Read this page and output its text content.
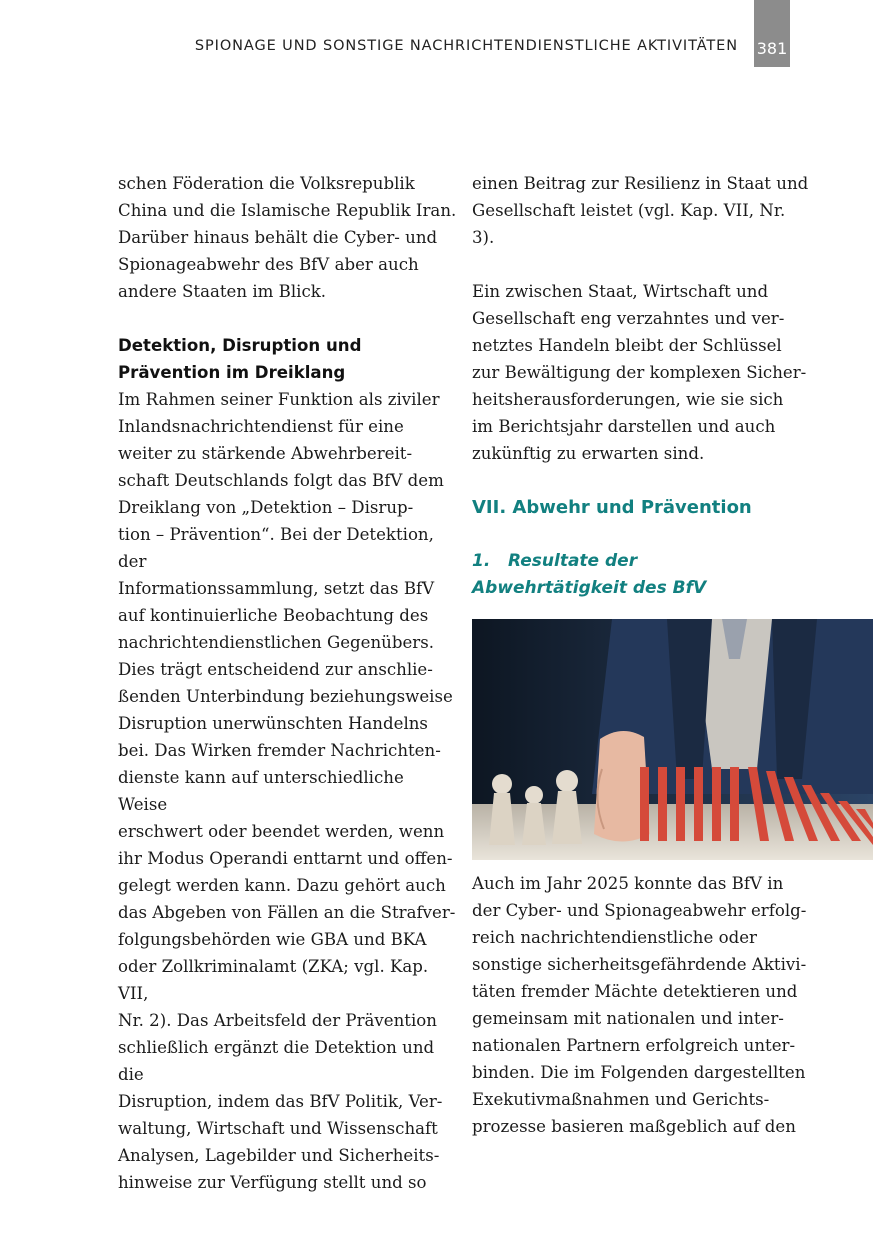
SPIONAGE UND SONSTIGE NACHRICHTENDIENSTLICHE AKTIVITÄTEN 381

schen Föderation die Volksrepublik
China und die Islamische Republik Iran.
Darüber hinaus behält die Cyber- und
Spionageabwehr des BfV aber auch
andere Staaten im Blick.

Detektion, Disruption und
Prävention im Dreiklang

Im Rahmen seiner Funktion als ziviler
Inlandsnachrichtendienst für eine
weiter zu stärkende Abwehrbereit-
schaft Deutschlands folgt das BfV dem
Dreiklang von „Detektion – Disrup-
tion – Prävention“. Bei der Detektion, der
Informationssammlung, setzt das BfV
auf kontinuierliche Beobachtung des
nachrichtendienstlichen Gegenübers.
Dies trägt entscheidend zur anschlie-
ßenden Unterbindung beziehungsweise
Disruption unerwünschten Handelns
bei. Das Wirken fremder Nachrichten-
dienste kann auf unterschiedliche Weise
erschwert oder beendet werden, wenn
ihr Modus Operandi enttarnt und offen-
gelegt werden kann. Dazu gehört auch
das Abgeben von Fällen an die Strafver-
folgungsbehörden wie GBA und BKA
oder Zollkriminalamt (ZKA; vgl. Kap. VII,
Nr. 2). Das Arbeitsfeld der Prävention
schließlich ergänzt die Detektion und die
Disruption, indem das BfV Politik, Ver-
waltung, Wirtschaft und Wissenschaft
Analysen, Lagebilder und Sicherheits-
hinweise zur Verfügung stellt und so

einen Beitrag zur Resilienz in Staat und
Gesellschaft leistet (vgl. Kap. VII, Nr. 3).

Ein zwischen Staat, Wirtschaft und
Gesellschaft eng verzahntes und ver-
netztes Handeln bleibt der Schlüssel
zur Bewältigung der komplexen Sicher-
heitsherausforderungen, wie sie sich
im Berichtsjahr darstellen und auch
zukünftig zu erwarten sind.

VII. Abwehr und Prävention
1. Resultate der
Abwehrtätigkeit des BfV

Auch im Jahr 2025 konnte das BfV in
der Cyber- und Spionageabwehr erfolg-
reich nachrichtendienstliche oder
sonstige sicherheitsgefährdende Aktivi-
täten fremder Mächte detektieren und
gemeinsam mit nationalen und inter-
nationalen Partnern erfolgreich unter-
binden. Die im Folgenden dargestellten
Exekutivmaßnahmen und Gerichts-
prozesse basieren maßgeblich auf den
